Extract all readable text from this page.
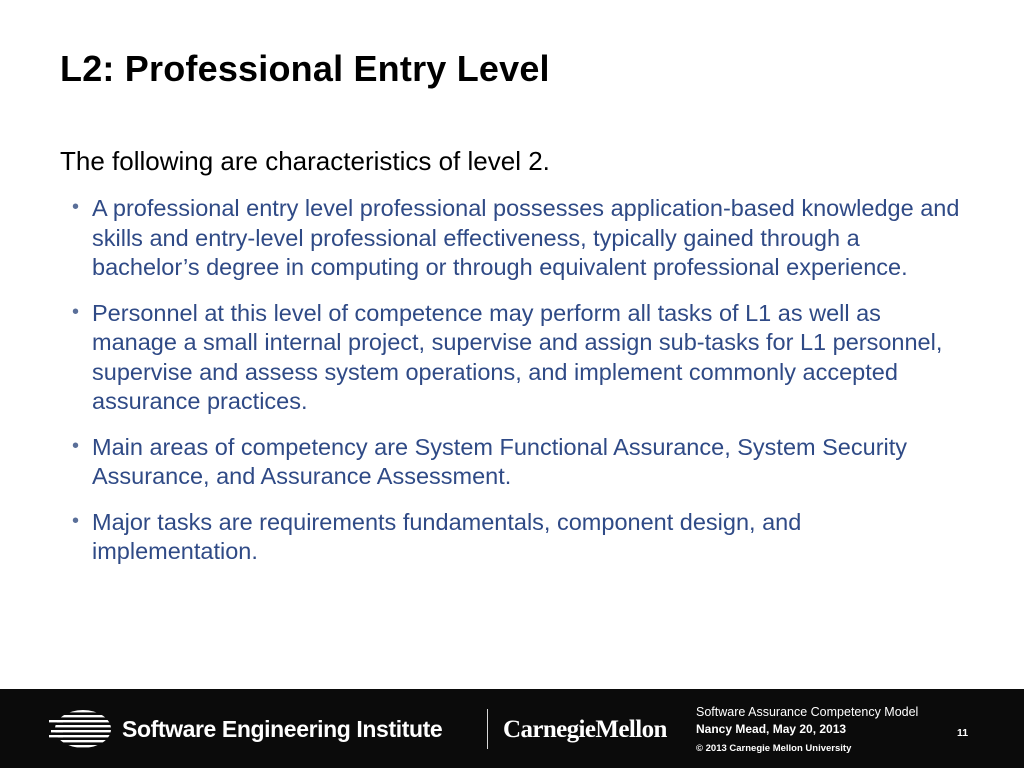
L2: Professional Entry Level

The following are characteristics of level 2.

• A professional entry level professional possesses application-based knowledge and skills and entry-level professional effectiveness, typically gained through a bachelor’s degree in computing or through equivalent professional experience.
• Personnel at this level of competence may perform all tasks of L1 as well as manage a small internal project, supervise and assign sub-tasks for L1 personnel, supervise and assess system operations, and implement commonly accepted assurance practices.
• Main areas of competency are System Functional Assurance, System Security Assurance, and Assurance Assessment.
• Major tasks are requirements fundamentals, component design, and implementation.
Software Engineering Institute CarnegieMellon
Software Assurance Competency Model
Nancy Mead, May 20, 2013
© 2013 Carnegie Mellon University
11
